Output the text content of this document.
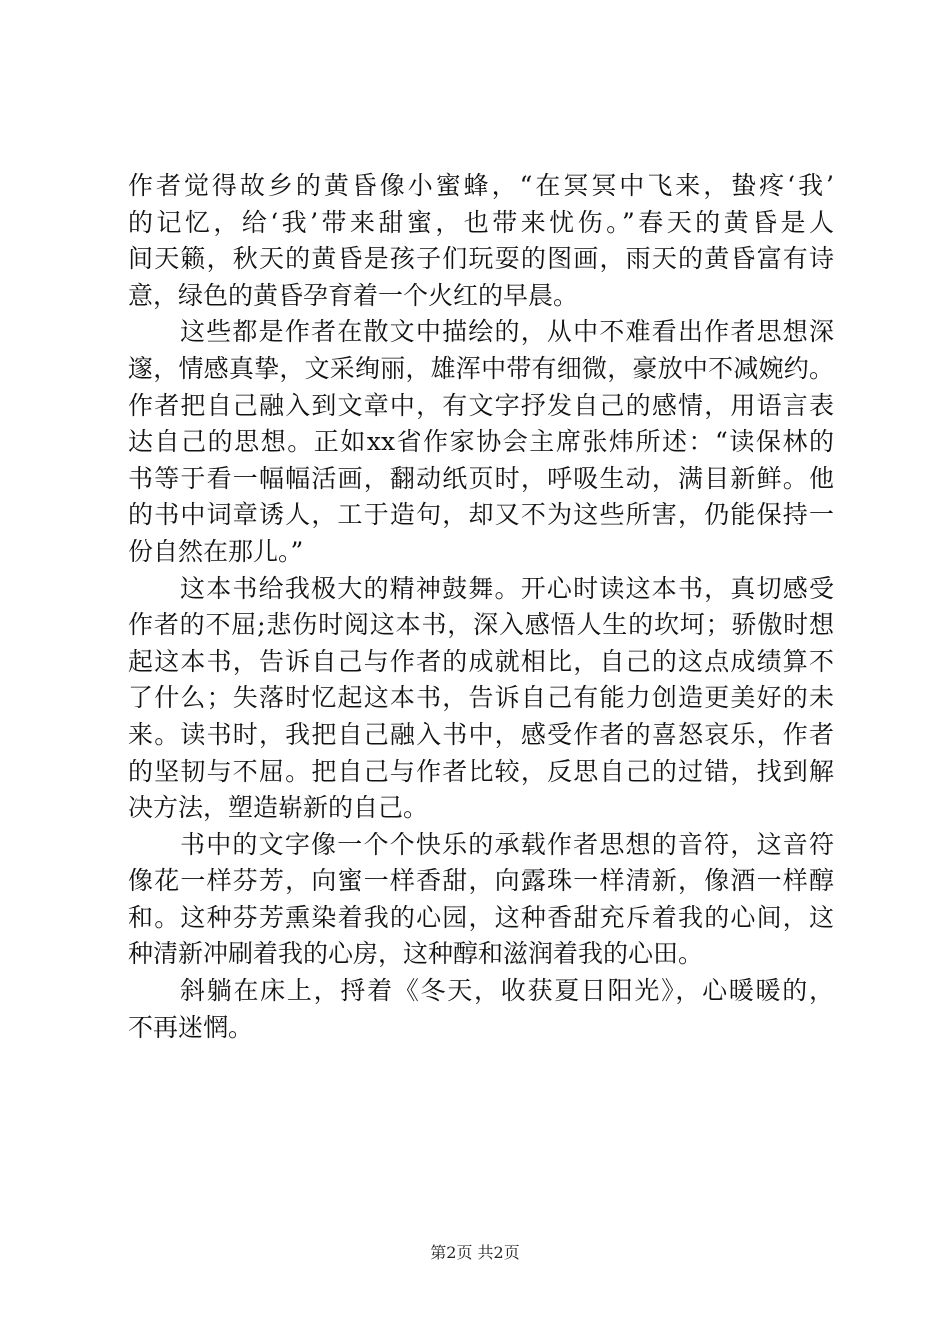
作者觉得故乡的黄昏像小蜜蜂，“在冥冥中飞来，蛰疼‘我’
的记忆，给‘我’带来甜蜜，也带来忧伤。”春天的黄昏是人
间天籁，秋天的黄昏是孩子们玩耍的图画，雨天的黄昏富有诗
意，绿色的黄昏孕育着一个火红的早晨。
这些都是作者在散文中描绘的，从中不难看出作者思想深
邃，情感真挚，文采绚丽，雄浑中带有细微，豪放中不减婉约。
作者把自己融入到文章中，有文字抒发自己的感情，用语言表
达自己的思想。正如xx省作家协会主席张炜所述：“读保林的
书等于看一幅幅活画，翻动纸页时，呼吸生动，满目新鲜。他
的书中词章诱人，工于造句，却又不为这些所害，仍能保持一
份自然在那儿。”
这本书给我极大的精神鼓舞。开心时读这本书，真切感受
作者的不屈;悲伤时阅这本书，深入感悟人生的坎坷；骄傲时想
起这本书，告诉自己与作者的成就相比，自己的这点成绩算不
了什么；失落时忆起这本书，告诉自己有能力创造更美好的未
来。读书时，我把自己融入书中，感受作者的喜怒哀乐，作者
的坚韧与不屈。把自己与作者比较，反思自己的过错，找到解
决方法，塑造崭新的自己。
书中的文字像一个个快乐的承载作者思想的音符，这音符
像花一样芬芳，向蜜一样香甜，向露珠一样清新，像酒一样醇
和。这种芬芳熏染着我的心园，这种香甜充斥着我的心间，这
种清新冲刷着我的心房，这种醇和滋润着我的心田。
斜躺在床上，捋着《冬天，收获夏日阳光》，心暖暖的，
不再迷惘。
第2页 共2页
